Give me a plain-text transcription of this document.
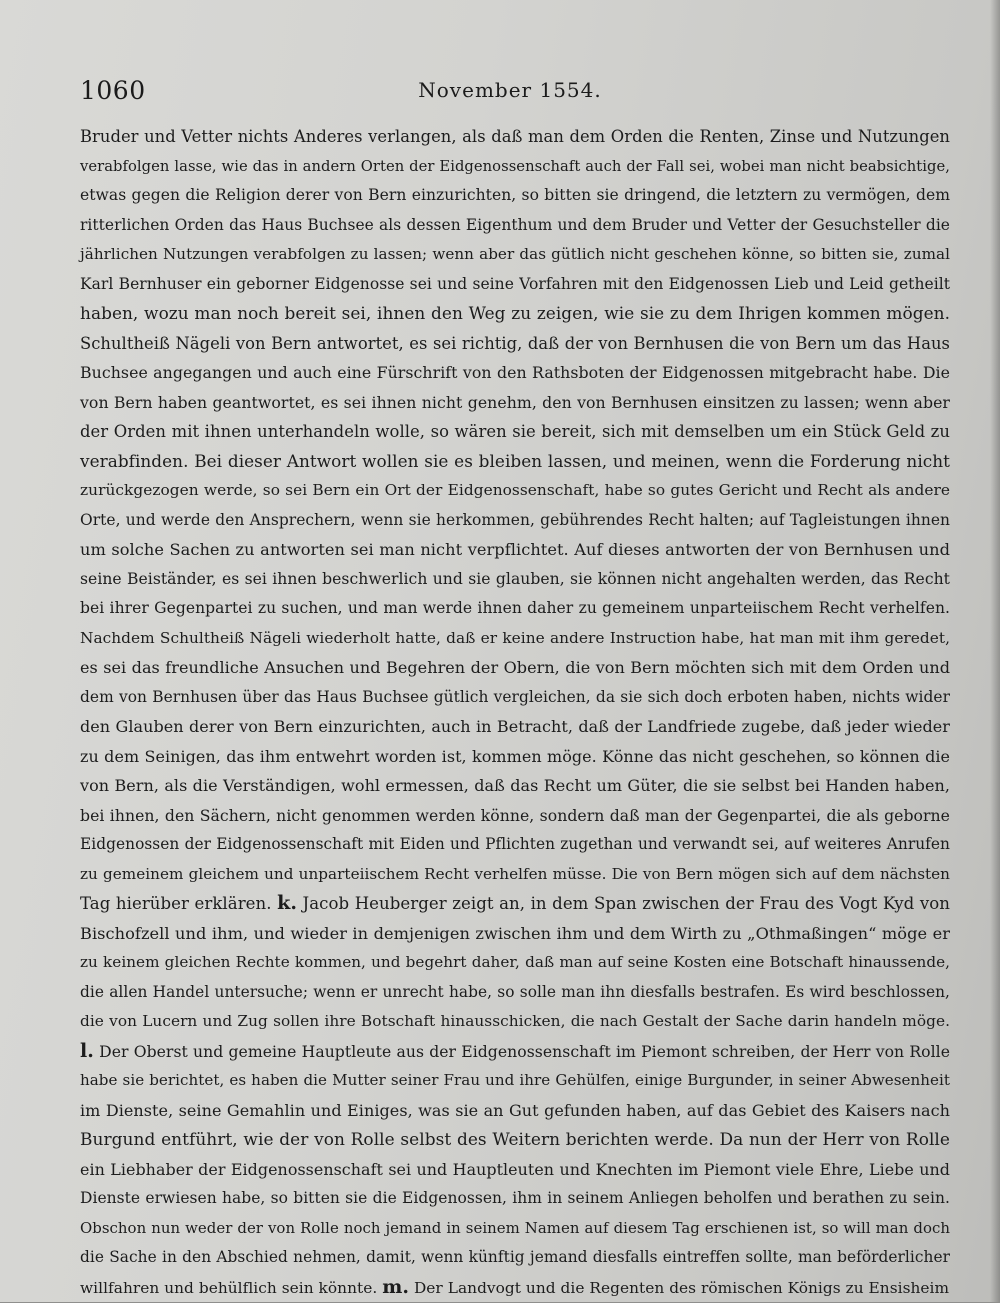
1060	November 1554.
Bruder und Vetter nichts Anderes verlangen, als daß man dem Orden die Renten, Zinse und Nutzungen
verabfolgen lasse, wie das in andern Orten der Eidgenossenschaft auch der Fall sei, wobei man nicht beabsichtige,
etwas gegen die Religion derer von Bern einzurichten, so bitten sie dringend, die letztern zu vermögen, dem
ritterlichen Orden das Haus Buchsee als dessen Eigenthum und dem Bruder und Vetter der Gesuchsteller die
jährlichen Nutzungen verabfolgen zu lassen; wenn aber das gütlich nicht geschehen könne, so bitten sie, zumal
Karl Bernhuser ein geborner Eidgenosse sei und seine Vorfahren mit den Eidgenossen Lieb und Leid getheilt
haben, wozu man noch bereit sei, ihnen den Weg zu zeigen, wie sie zu dem Ihrigen kommen mögen.
Schultheiß Nägeli von Bern antwortet, es sei richtig, daß der von Bernhusen die von Bern um das Haus
Buchsee angegangen und auch eine Fürschrift von den Rathsboten der Eidgenossen mitgebracht habe. Die
von Bern haben geantwortet, es sei ihnen nicht genehm, den von Bernhusen einsitzen zu lassen; wenn aber
der Orden mit ihnen unterhandeln wolle, so wären sie bereit, sich mit demselben um ein Stück Geld zu
verabfinden. Bei dieser Antwort wollen sie es bleiben lassen, und meinen, wenn die Forderung nicht
zurückgezogen werde, so sei Bern ein Ort der Eidgenossenschaft, habe so gutes Gericht und Recht als andere
Orte, und werde den Ansprechern, wenn sie herkommen, gebührendes Recht halten; auf Tagleistungen ihnen
um solche Sachen zu antworten sei man nicht verpflichtet. Auf dieses antworten der von Bernhusen und
seine Beiständer, es sei ihnen beschwerlich und sie glauben, sie können nicht angehalten werden, das Recht
bei ihrer Gegenpartei zu suchen, und man werde ihnen daher zu gemeinem unparteiischem Recht verhelfen.
Nachdem Schultheiß Nägeli wiederholt hatte, daß er keine andere Instruction habe, hat man mit ihm geredet,
es sei das freundliche Ansuchen und Begehren der Obern, die von Bern möchten sich mit dem Orden und
dem von Bernhusen über das Haus Buchsee gütlich vergleichen, da sie sich doch erboten haben, nichts wider
den Glauben derer von Bern einzurichten, auch in Betracht, daß der Landfriede zugebe, daß jeder wieder
zu dem Seinigen, das ihm entwehrt worden ist, kommen möge. Könne das nicht geschehen, so können die
von Bern, als die Verständigen, wohl ermessen, daß das Recht um Güter, die sie selbst bei Handen haben,
bei ihnen, den Sächern, nicht genommen werden könne, sondern daß man der Gegenpartei, die als geborne
Eidgenossen der Eidgenossenschaft mit Eiden und Pflichten zugethan und verwandt sei, auf weiteres Anrufen
zu gemeinem gleichem und unparteiischem Recht verhelfen müsse. Die von Bern mögen sich auf dem nächsten
Tag hierüber erklären. k. Jacob Heuberger zeigt an, in dem Span zwischen der Frau des Vogt Kyd von
Bischofzell und ihm, und wieder in demjenigen zwischen ihm und dem Wirth zu „Othmaßingen“ möge er
zu keinem gleichen Rechte kommen, und begehrt daher, daß man auf seine Kosten eine Botschaft hinaussende,
die allen Handel untersuche; wenn er unrecht habe, so solle man ihn diesfalls bestrafen. Es wird beschlossen,
die von Lucern und Zug sollen ihre Botschaft hinausschicken, die nach Gestalt der Sache darin handeln möge.
l. Der Oberst und gemeine Hauptleute aus der Eidgenossenschaft im Piemont schreiben, der Herr von Rolle
habe sie berichtet, es haben die Mutter seiner Frau und ihre Gehülfen, einige Burgunder, in seiner Abwesenheit
im Dienste, seine Gemahlin und Einiges, was sie an Gut gefunden haben, auf das Gebiet des Kaisers nach
Burgund entführt, wie der von Rolle selbst des Weitern berichten werde. Da nun der Herr von Rolle
ein Liebhaber der Eidgenossenschaft sei und Hauptleuten und Knechten im Piemont viele Ehre, Liebe und
Dienste erwiesen habe, so bitten sie die Eidgenossen, ihm in seinem Anliegen beholfen und berathen zu sein.
Obschon nun weder der von Rolle noch jemand in seinem Namen auf diesem Tag erschienen ist, so will man doch
die Sache in den Abschied nehmen, damit, wenn künftig jemand diesfalls eintreffen sollte, man beförderlicher
willfahren und behülflich sein könnte. m. Der Landvogt und die Regenten des römischen Königs zu Ensisheim
